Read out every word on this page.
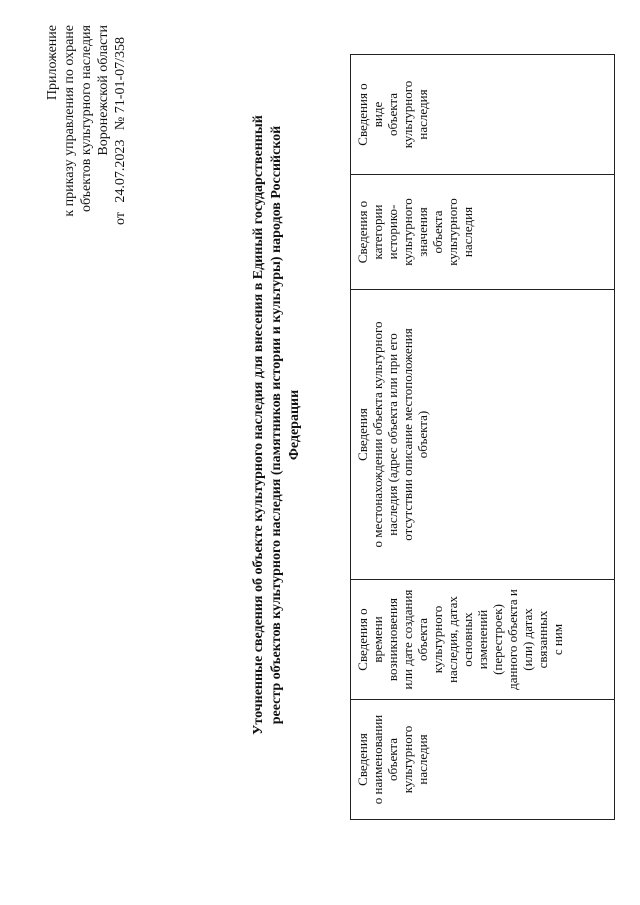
Приложение к приказу управления по охране объектов культурного наследия Воронежской области
от 24.07.2023 № 71-01-07/358
Уточненные сведения об объекте культурного наследия для внесения в Единый государственный реестр объектов культурного наследия (памятников истории и культуры) народов Российской Федерации
Сведения
о наименовании
объекта культурного
наследия

Сведения о
времени
возникновения
или дате создания
объекта
культурного
наследия, датах
основных
изменений
(перестроек)
данного объекта и
(или) датах
связанных
с ним

Сведения
о местонахождении объекта культурного
наследия (адрес объекта или при его
отсутствии описание местоположения
объекта)

Сведения о
категории
историко-
культурного
значения
объекта
культурного
наследия

Сведения о
виде
объекта
культурного
наследия
